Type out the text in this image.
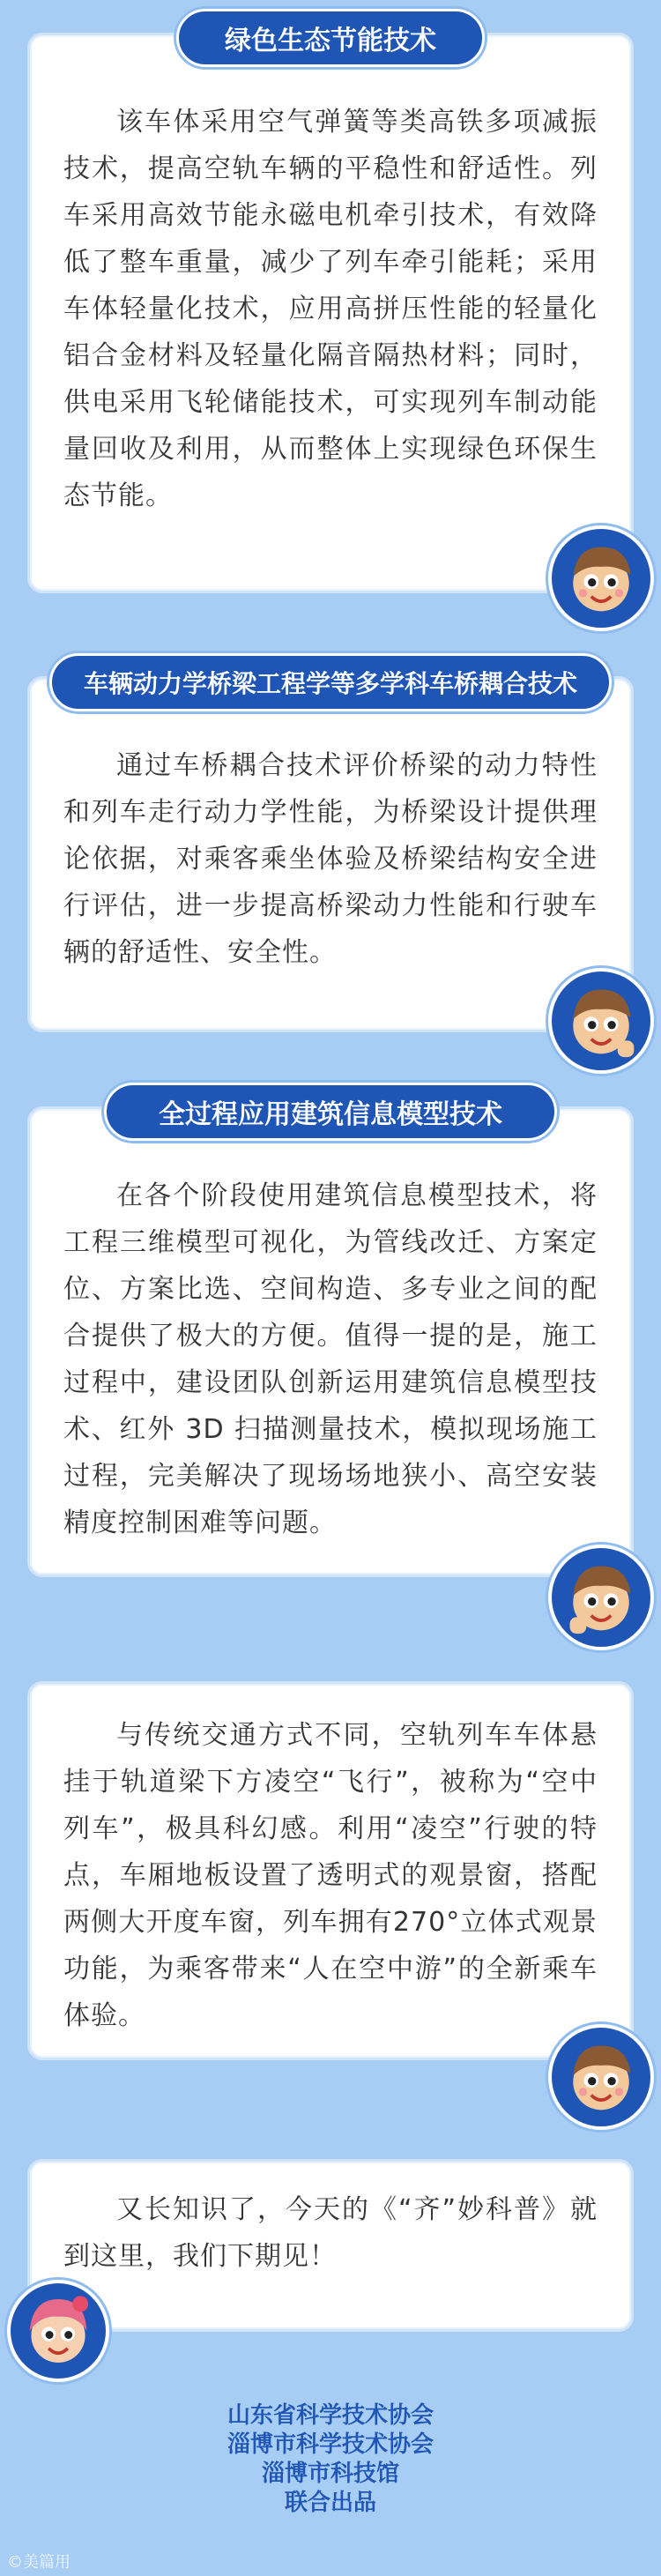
该车体采用空气弹簧等类高铁多项减振技术，提高空轨车辆的平稳性和舒适性。列车采用高效节能永磁电机牵引技术，有效降低了整车重量，减少了列车牵引能耗；采用车体轻量化技术，应用高拼压性能的轻量化铝合金材料及轻量化隔音隔热材料；同时，供电采用飞轮储能技术，可实现列车制动能量回收及利用，从而整体上实现绿色环保生态节能。

绿色生态节能技术

通过车桥耦合技术评价桥梁的动力特性和列车走行动力学性能，为桥梁设计提供理论依据，对乘客乘坐体验及桥梁结构安全进行评估，进一步提高桥梁动力性能和行驶车辆的舒适性、安全性。

车辆动力学桥梁工程学等多学科车桥耦合技术

在各个阶段使用建筑信息模型技术，将工程三维模型可视化，为管线改迁、方案定位、方案比选、空间构造、多专业之间的配合提供了极大的方便。值得一提的是，施工过程中，建设团队创新运用建筑信息模型技术、红外 3D 扫描测量技术，模拟现场施工过程，完美解决了现场场地狭小、高空安装精度控制困难等问题。

全过程应用建筑信息模型技术

与传统交通方式不同，空轨列车车体悬挂于轨道梁下方凌空“飞行”，被称为“空中列车”，极具科幻感。利用“凌空”行驶的特点，车厢地板设置了透明式的观景窗，搭配两侧大开度车窗，列车拥有270°立体式观景功能，为乘客带来“人在空中游”的全新乘车体验。

又长知识了，今天的《“齐”妙科普》就到这里，我们下期见！

山东省科学技术协会
淄博市科学技术协会
淄博市科技馆
联合出品
©美篇用
